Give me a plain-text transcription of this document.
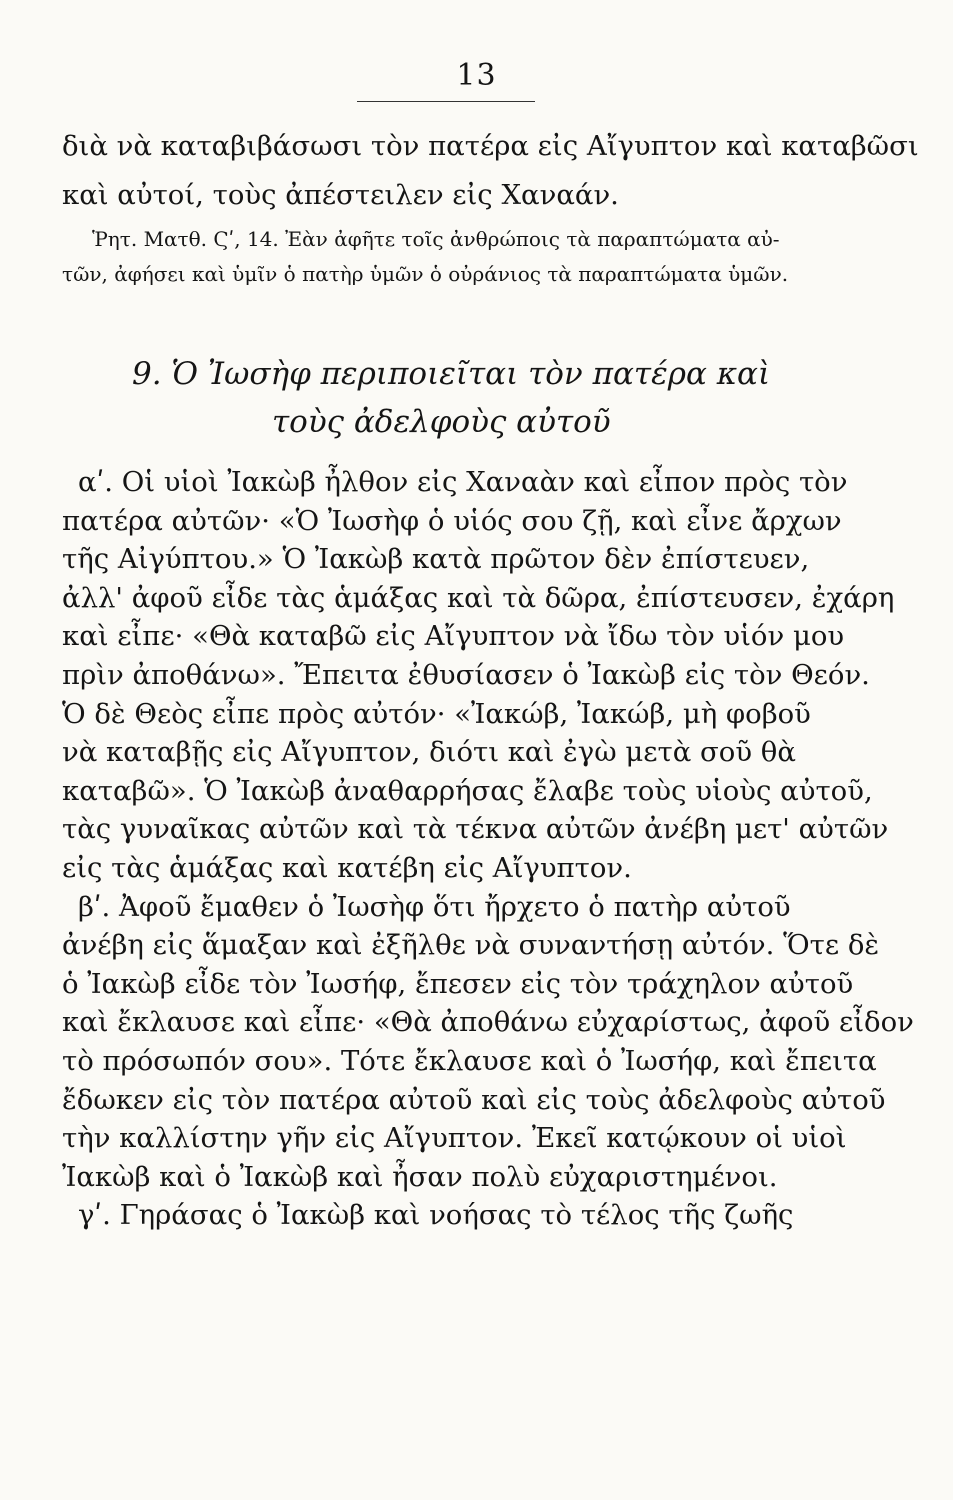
13
διὰ νὰ καταβιβάσωσι τὸν πατέρα εἰς Αἴγυπτον καὶ καταβῶσι
καὶ αὐτοί, τοὺς ἀπέστειλεν εἰς Χαναάν.
Ῥητ. Ματθ. Ϛʹ, 14. Ἐὰν ἀφῆτε τοῖς ἀνθρώποις τὰ παραπτώματα αὐ-
τῶν, ἀφήσει καὶ ὑμῖν ὁ πατὴρ ὑμῶν ὁ οὐράνιος τὰ παραπτώματα ὑμῶν.
9. Ὁ Ἰωσὴφ περιποιεῖται τὸν πατέρα καὶ
τοὺς ἀδελφοὺς αὐτοῦ
αʹ. Οἱ υἱοὶ Ἰακὼβ ἦλθον εἰς Χαναὰν καὶ εἶπον πρὸς τὸν
πατέρα αὐτῶν· «Ὁ Ἰωσὴφ ὁ υἱός σου ζῇ, καὶ εἶνε ἄρχων
τῆς Αἰγύπτου.» Ὁ Ἰακὼβ κατὰ πρῶτον δὲν ἐπίστευεν,
ἀλλ' ἀφοῦ εἶδε τὰς ἁμάξας καὶ τὰ δῶρα, ἐπίστευσεν, ἐχάρη
καὶ εἶπε· «Θὰ καταβῶ εἰς Αἴγυπτον νὰ ἴδω τὸν υἱόν μου
πρὶν ἀποθάνω». Ἔπειτα ἐθυσίασεν ὁ Ἰακὼβ εἰς τὸν Θεόν.
Ὁ δὲ Θεὸς εἶπε πρὸς αὐτόν· «Ἰακώβ, Ἰακώβ, μὴ φοβοῦ
νὰ καταβῇς εἰς Αἴγυπτον, διότι καὶ ἐγὼ μετὰ σοῦ θὰ
καταβῶ». Ὁ Ἰακὼβ ἀναθαρρήσας ἔλαβε τοὺς υἱοὺς αὐτοῦ,
τὰς γυναῖκας αὐτῶν καὶ τὰ τέκνα αὐτῶν ἀνέβη μετ' αὐτῶν
εἰς τὰς ἁμάξας καὶ κατέβη εἰς Αἴγυπτον.
βʹ. Ἀφοῦ ἔμαθεν ὁ Ἰωσὴφ ὅτι ἤρχετο ὁ πατὴρ αὐτοῦ
ἀνέβη εἰς ἅμαξαν καὶ ἐξῆλθε νὰ συναντήσῃ αὐτόν. Ὅτε δὲ
ὁ Ἰακὼβ εἶδε τὸν Ἰωσήφ, ἔπεσεν εἰς τὸν τράχηλον αὐτοῦ
καὶ ἔκλαυσε καὶ εἶπε· «Θὰ ἀποθάνω εὐχαρίστως, ἀφοῦ εἶδον
τὸ πρόσωπόν σου». Τότε ἔκλαυσε καὶ ὁ Ἰωσήφ, καὶ ἔπειτα
ἔδωκεν εἰς τὸν πατέρα αὐτοῦ καὶ εἰς τοὺς ἀδελφοὺς αὐτοῦ
τὴν καλλίστην γῆν εἰς Αἴγυπτον. Ἐκεῖ κατῴκουν οἱ υἱοὶ
Ἰακὼβ καὶ ὁ Ἰακὼβ καὶ ἦσαν πολὺ εὐχαριστημένοι.
γʹ. Γηράσας ὁ Ἰακὼβ καὶ νοήσας τὸ τέλος τῆς ζωῆς
